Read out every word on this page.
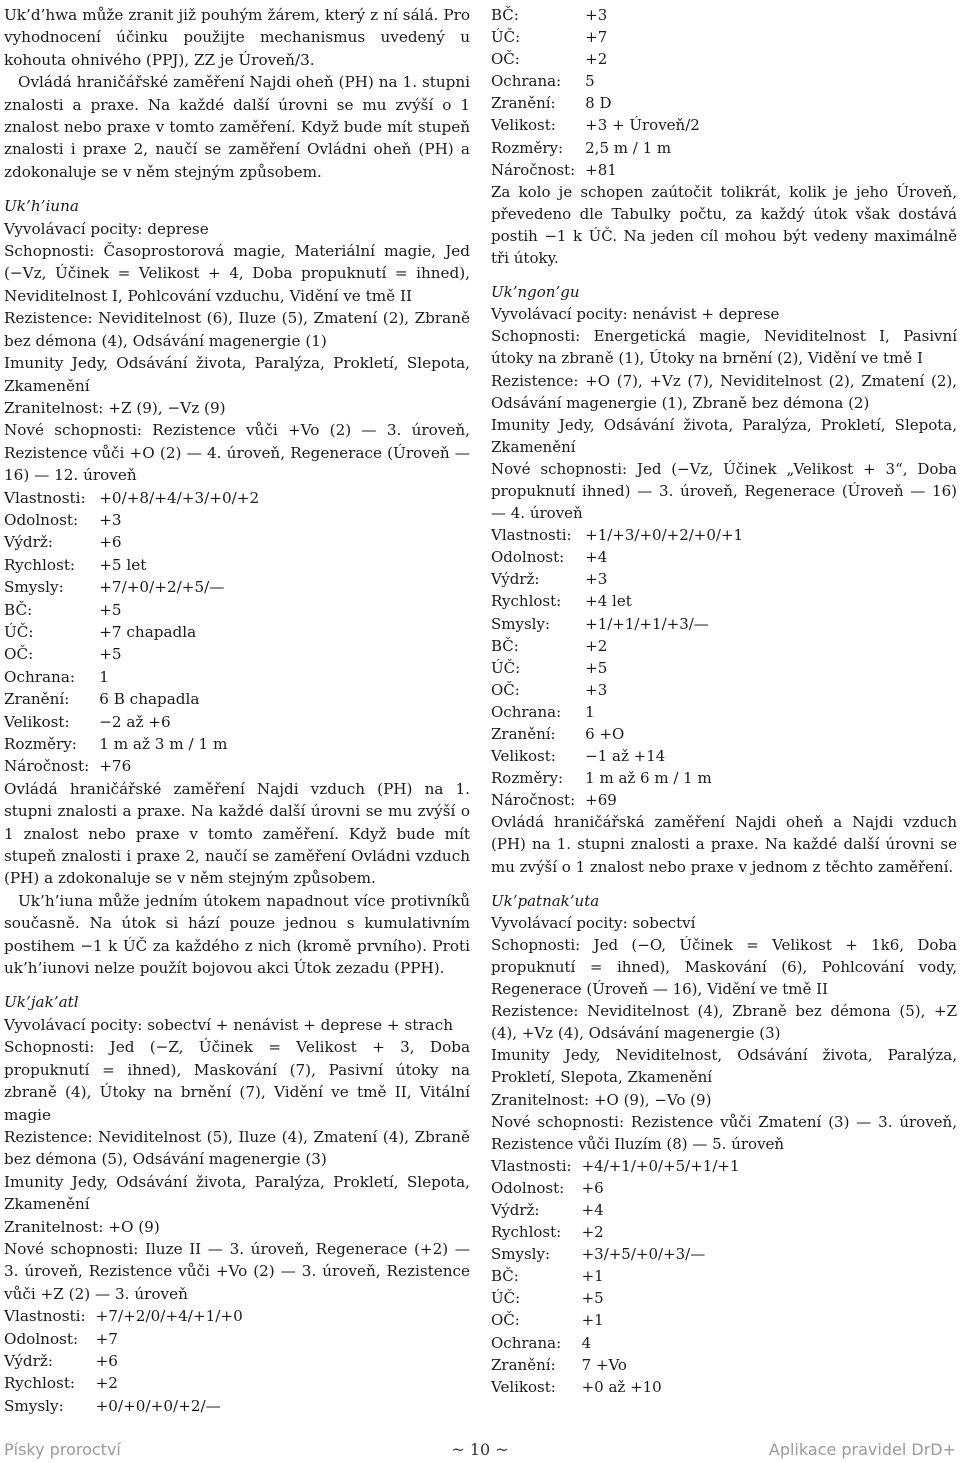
Uk’d’hwa může zranit již pouhým žárem, který z ní sálá. Pro vyhodnocení účinku použijte mechanismus uvedený u kohouta ohnivého (PPJ), ZZ je Úroveň/3.

Ovládá hraničářské zaměření Najdi oheň (PH) na 1. stupni znalosti a praxe. Na každé další úrovni se mu zvýší o 1 znalost nebo praxe v tomto zaměření. Když bude mít stupeň znalosti i praxe 2, naučí se zaměření Ovládni oheň (PH) a zdokonaluje se v něm stejným způsobem.

Uk’h’iuna

Vyvolávací pocity: deprese

Schopnosti: Časoprostorová magie, Materiální magie, Jed (−Vz, Účinek = Velikost + 4, Doba propuknutí = ihned), Neviditelnost I, Pohlcování vzduchu, Vidění ve tmě II

Rezistence: Neviditelnost (6), Iluze (5), Zmatení (2), Zbraně bez démona (4), Odsávání magenergie (1)

Imunity Jedy, Odsávání života, Paralýza, Prokletí, Slepota, Zkamenění

Zranitelnost: +Z (9), −Vz (9)

Nové schopnosti: Rezistence vůči +Vo (2) — 3. úroveň, Rezistence vůči +O (2) — 4. úroveň, Regenerace (Úroveň — 16) — 12. úroveň

Vlastnosti:	+0/+8/+4/+3/+0/+2
Odolnost:	+3
Výdrž:	+6
Rychlost:	+5 let
Smysly:	+7/+0/+2/+5/—
BČ:	+5
ÚČ:	+7 chapadla
OČ:	+5
Ochrana:	1
Zranění:	6 B chapadla
Velikost:	−2 až +6
Rozměry:	1 m až 3 m / 1 m
Náročnost:	+76

Ovládá hraničářské zaměření Najdi vzduch (PH) na 1. stupni znalosti a praxe. Na každé další úrovni se mu zvýší o 1 znalost nebo praxe v tomto zaměření. Když bude mít stupeň znalosti i praxe 2, naučí se zaměření Ovládni vzduch (PH) a zdokonaluje se v něm stejným způsobem.

Uk’h’iuna může jedním útokem napadnout více protivníků současně. Na útok si hází pouze jednou s kumulativním postihem −1 k ÚČ za každého z nich (kromě prvního). Proti uk’h’iunovi nelze použít bojovou akci Útok zezadu (PPH).

Uk’jak’atl

Vyvolávací pocity: sobectví + nenávist + deprese + strach

Schopnosti: Jed (−Z, Účinek = Velikost + 3, Doba propuknutí = ihned), Maskování (7), Pasivní útoky na zbraně (4), Útoky na brnění (7), Vidění ve tmě II, Vitální magie

Rezistence: Neviditelnost (5), Iluze (4), Zmatení (4), Zbraně bez démona (5), Odsávání magenergie (3)

Imunity Jedy, Odsávání života, Paralýza, Prokletí, Slepota, Zkamenění

Zranitelnost: +O (9)

Nové schopnosti: Iluze II — 3. úroveň, Regenerace (+2) — 3. úroveň, Rezistence vůči +Vo (2) — 3. úroveň, Rezistence vůči +Z (2) — 3. úroveň

Vlastnosti:	+7/+2/0/+4/+1/+0
Odolnost:	+7
Výdrž:	+6
Rychlost:	+2
Smysly:	+0/+0/+0/+2/—
BČ:	+3
ÚČ:	+7
OČ:	+2
Ochrana:	5
Zranění:	8 D
Velikost:	+3 + Úroveň/2
Rozměry:	2,5 m / 1 m
Náročnost:	+81

Za kolo je schopen zaútočit tolikrát, kolik je jeho Úroveň, převedeno dle Tabulky počtu, za každý útok však dostává postih −1 k ÚČ. Na jeden cíl mohou být vedeny maximálně tři útoky.

Uk’ngon’gu

Vyvolávací pocity: nenávist + deprese

Schopnosti: Energetická magie, Neviditelnost I, Pasivní útoky na zbraně (1), Útoky na brnění (2), Vidění ve tmě I

Rezistence: +O (7), +Vz (7), Neviditelnost (2), Zmatení (2), Odsávání magenergie (1), Zbraně bez démona (2)

Imunity Jedy, Odsávání života, Paralýza, Prokletí, Slepota, Zkamenění

Nové schopnosti: Jed (−Vz, Účinek „Velikost + 3“, Doba propuknutí ihned) — 3. úroveň, Regenerace (Úroveň — 16) — 4. úroveň

Vlastnosti:	+1/+3/+0/+2/+0/+1
Odolnost:	+4
Výdrž:	+3
Rychlost:	+4 let
Smysly:	+1/+1/+1/+3/—
BČ:	+2
ÚČ:	+5
OČ:	+3
Ochrana:	1
Zranění:	6 +O
Velikost:	−1 až +14
Rozměry:	1 m až 6 m / 1 m
Náročnost:	+69

Ovládá hraničářská zaměření Najdi oheň a Najdi vzduch (PH) na 1. stupni znalosti a praxe. Na každé další úrovni se mu zvýší o 1 znalost nebo praxe v jednom z těchto zaměření.

Uk’patnak’uta

Vyvolávací pocity: sobectví

Schopnosti: Jed (−O, Účinek = Velikost + 1k6, Doba propuknutí = ihned), Maskování (6), Pohlcování vody, Regenerace (Úroveň — 16), Vidění ve tmě II

Rezistence: Neviditelnost (4), Zbraně bez démona (5), +Z (4), +Vz (4), Odsávání magenergie (3)

Imunity Jedy, Neviditelnost, Odsávání života, Paralýza, Prokletí, Slepota, Zkamenění

Zranitelnost: +O (9), −Vo (9)

Nové schopnosti: Rezistence vůči Zmatení (3) — 3. úroveň, Rezistence vůči Iluzím (8) — 5. úroveň

Vlastnosti:	+4/+1/+0/+5/+1/+1
Odolnost:	+6
Výdrž:	+4
Rychlost:	+2
Smysly:	+3/+5/+0/+3/—
BČ:	+1
ÚČ:	+5
OČ:	+1
Ochrana:	4
Zranění:	7 +Vo
Velikost:	+0 až +10
Písky proroctví	~ 10 ~	Aplikace pravidel DrD+
